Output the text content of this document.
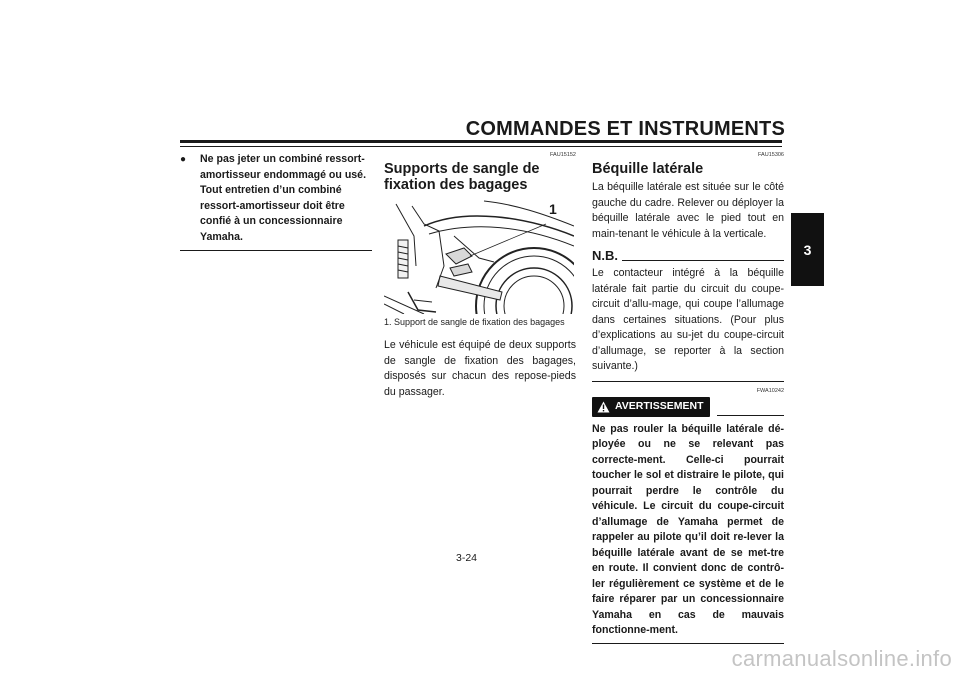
COMMANDES ET INSTRUMENTS
3
●	Ne pas jeter un combiné ressort-amortisseur endommagé ou usé. Tout entretien d’un combiné ressort-amortisseur doit être confié à un concessionnaire Yamaha.
FAU15152
Supports de sangle de fixation des bagages
1
1. Support de sangle de fixation des bagages

Le véhicule est équipé de deux supports de sangle de fixation des bagages, disposés sur chacun des repose-pieds du passager.

FAU15306
Béquille latérale

La béquille latérale est située sur le côté gauche du cadre. Relever ou déployer la béquille latérale avec le pied tout en main-tenant le véhicule à la verticale.

N.B.

Le contacteur intégré à la béquille latérale fait partie du circuit du coupe-circuit d’allu-mage, qui coupe l’allumage dans certaines situations. (Pour plus d’explications au su-jet du coupe-circuit d’allumage, se reporter à la section suivante.)

FWA10242
AVERTISSEMENT

Ne pas rouler la béquille latérale dé-ployée ou ne se relevant pas correcte-ment. Celle-ci pourrait toucher le sol et distraire le pilote, qui pourrait perdre le contrôle du véhicule. Le circuit du coupe-circuit d’allumage de Yamaha permet de rappeler au pilote qu’il doit re-lever la béquille latérale avant de se met-tre en route. Il convient donc de contrô-ler régulièrement ce système et de le faire réparer par un concessionnaire Yamaha en cas de mauvais fonctionne-ment.

3-24
carmanualsonline.info
